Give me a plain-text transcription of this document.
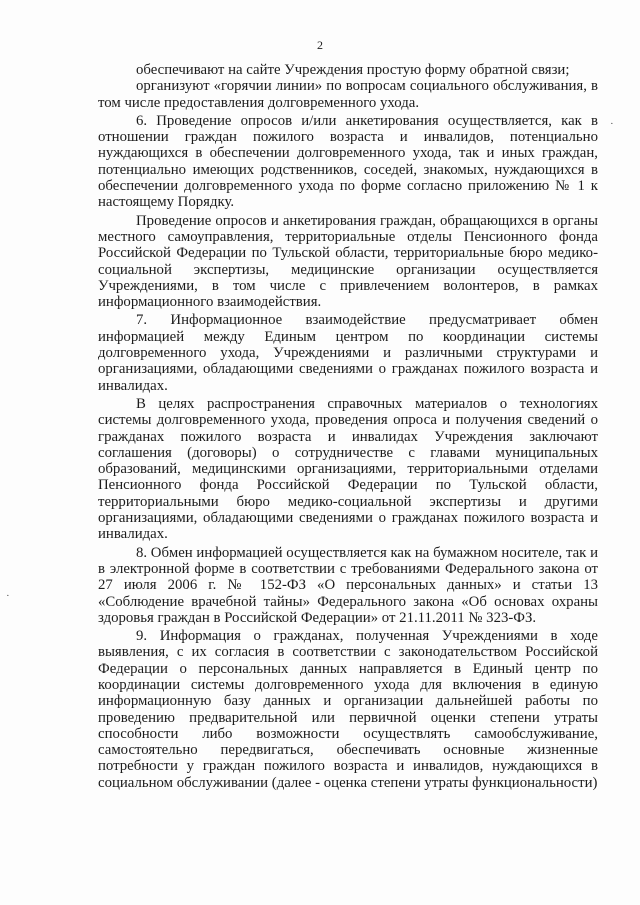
2
·
·

обеспечивают на сайте Учреждения простую форму обратной связи;

организуют «горячии линии» по вопросам социального обслуживания, в том числе предоставления долговременного ухода.

6. Проведение опросов и/или анкетирования осуществляется, как в отношении граждан пожилого возраста и инвалидов, потенциально нуждающихся в обеспечении долговременного ухода, так и иных граждан, потенциально имеющих родственников, соседей, знакомых, нуждающихся в обеспечении долговременного ухода по форме согласно приложению № 1 к настоящему Порядку.

Проведение опросов и анкетирования граждан, обращающихся в органы местного самоуправления, территориальные отделы Пенсионного фонда Российской Федерации по Тульской области, территориальные бюро медико-социальной экспертизы, медицинские организации осуществляется Учреждениями, в том числе с привлечением волонтеров, в рамках информационного взаимодействия.

7. Информационное взаимодействие предусматривает обмен информацией между Единым центром по координации системы долговременного ухода, Учреждениями и различными структурами и организациями, обладающими сведениями о гражданах пожилого возраста и инвалидах.

В целях распространения справочных материалов о технологиях системы долговременного ухода, проведения опроса и получения сведений о гражданах пожилого возраста и инвалидах Учреждения заключают соглашения (договоры) о сотрудничестве с главами муниципальных образований, медицинскими организациями, территориальными отделами Пенсионного фонда Российской Федерации по Тульской области, территориальными бюро медико-социальной экспертизы и другими организациями, обладающими сведениями о гражданах пожилого возраста и инвалидах.

8. Обмен информацией осуществляется как на бумажном носителе, так и в электронной форме в соответствии с требованиями Федерального закона от 27 июля 2006 г. № 152-ФЗ «О персональных данных» и статьи 13 «Соблюдение врачебной тайны» Федерального закона «Об основах охраны здоровья граждан в Российской Федерации» от 21.11.2011 № 323-ФЗ.

9. Информация о гражданах, полученная Учреждениями в ходе выявления, с их согласия в соответствии с законодательством Российской Федерации о персональных данных направляется в Единый центр по координации системы долговременного ухода для включения в единую информационную базу данных и организации дальнейшей работы по проведению предварительной или первичной оценки степени утраты способности либо возможности осуществлять самообслуживание, самостоятельно передвигаться, обеспечивать основные жизненные потребности у граждан пожилого возраста и инвалидов, нуждающихся в социальном обслуживании (далее - оценка степени утраты функциональности)
